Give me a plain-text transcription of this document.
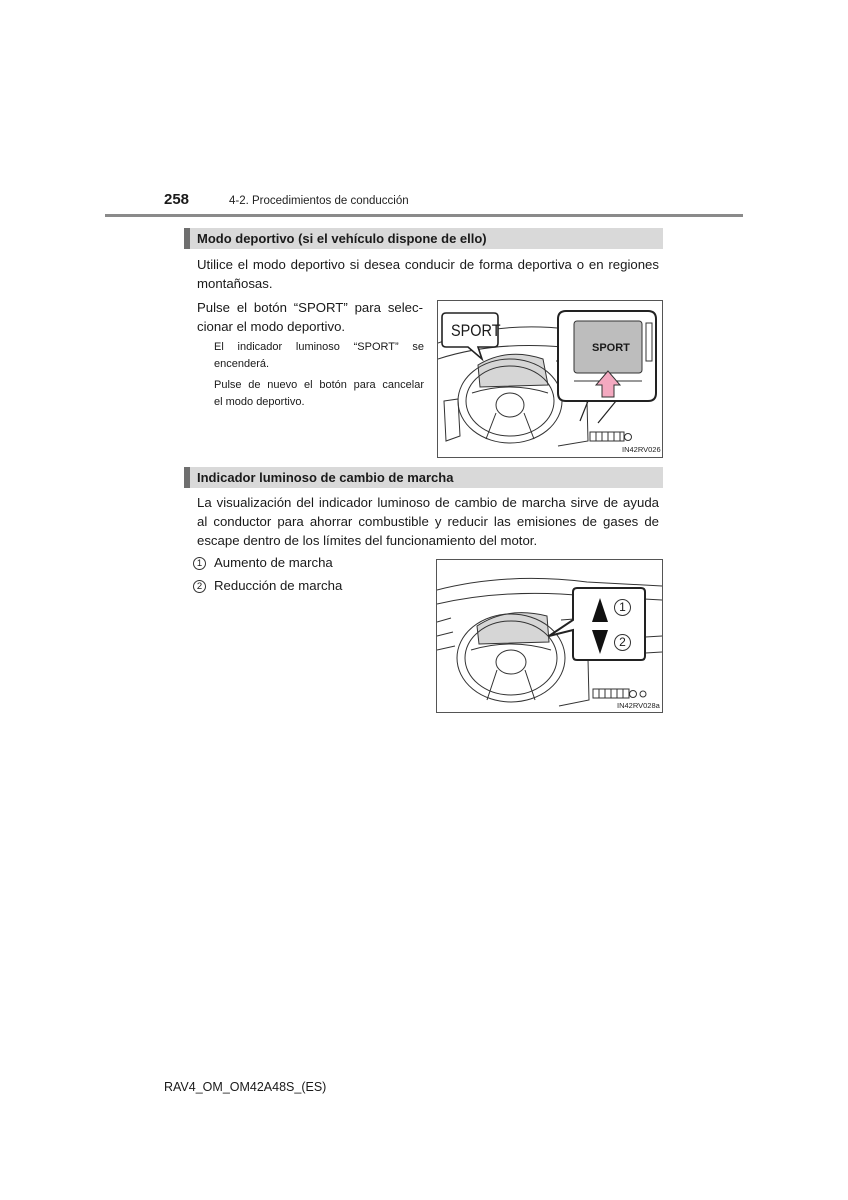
258	4-2. Procedimientos de conducción
Modo deportivo (si el vehículo dispone de ello)
Utilice el modo deportivo si desea conducir de forma deportiva o en regiones
montañosas.
Pulse el botón “SPORT” para selec-
cionar el modo deportivo.
El indicador luminoso “SPORT” se
encenderá.
Pulse de nuevo el botón para cancelar
el modo deportivo.
SPORT
SPORT
IN42RV026
Indicador luminoso de cambio de marcha
La visualización del indicador luminoso de cambio de marcha sirve de ayuda
al conductor para ahorrar combustible y reducir las emisiones de gases de
escape dentro de los límites del funcionamiento del motor.
1 Aumento de marcha
2 Reducción de marcha
1
2
IN42RV028a
RAV4_OM_OM42A48S_(ES)
